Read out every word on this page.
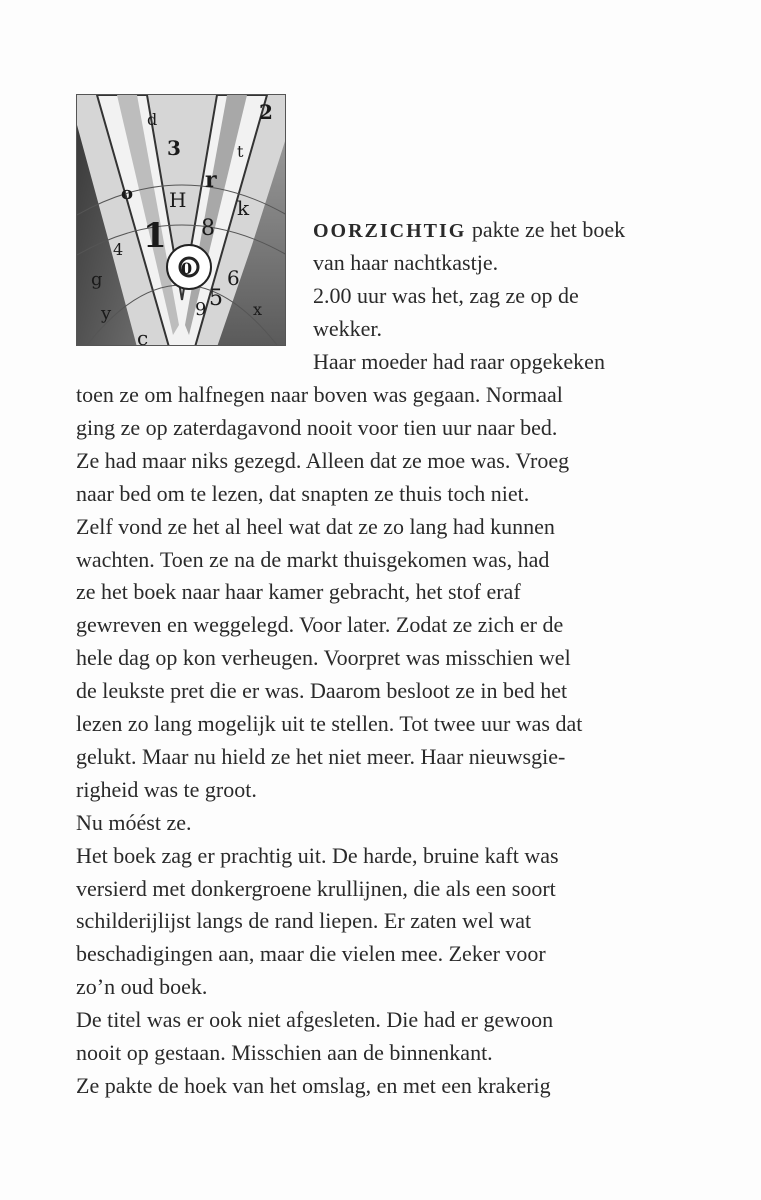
2
1
0
8
6
9 5
4
3
r
k
o H
g
c
t
x
y
d
OORZICHTIG pakte ze het boek
van haar nachtkastje.
2.00 uur was het, zag ze op de
wekker.
Haar moeder had raar opgekeken
toen ze om halfnegen naar boven was gegaan. Normaal
ging ze op zaterdagavond nooit voor tien uur naar bed.
Ze had maar niks gezegd. Alleen dat ze moe was. Vroeg
naar bed om te lezen, dat snapten ze thuis toch niet.
Zelf vond ze het al heel wat dat ze zo lang had kunnen
wachten. Toen ze na de markt thuisgekomen was, had
ze het boek naar haar kamer gebracht, het stof eraf
gewreven en weggelegd. Voor later. Zodat ze zich er de
hele dag op kon verheugen. Voorpret was misschien wel
de leukste pret die er was. Daarom besloot ze in bed het
lezen zo lang mogelijk uit te stellen. Tot twee uur was dat
gelukt. Maar nu hield ze het niet meer. Haar nieuwsgie-
righeid was te groot.
Nu móést ze.
Het boek zag er prachtig uit. De harde, bruine kaft was
versierd met donkergroene krullijnen, die als een soort
schilderijlijst langs de rand liepen. Er zaten wel wat
beschadigingen aan, maar die vielen mee. Zeker voor
zo’n oud boek.
De titel was er ook niet afgesleten. Die had er gewoon
nooit op gestaan. Misschien aan de binnenkant.
Ze pakte de hoek van het omslag, en met een krakerig
